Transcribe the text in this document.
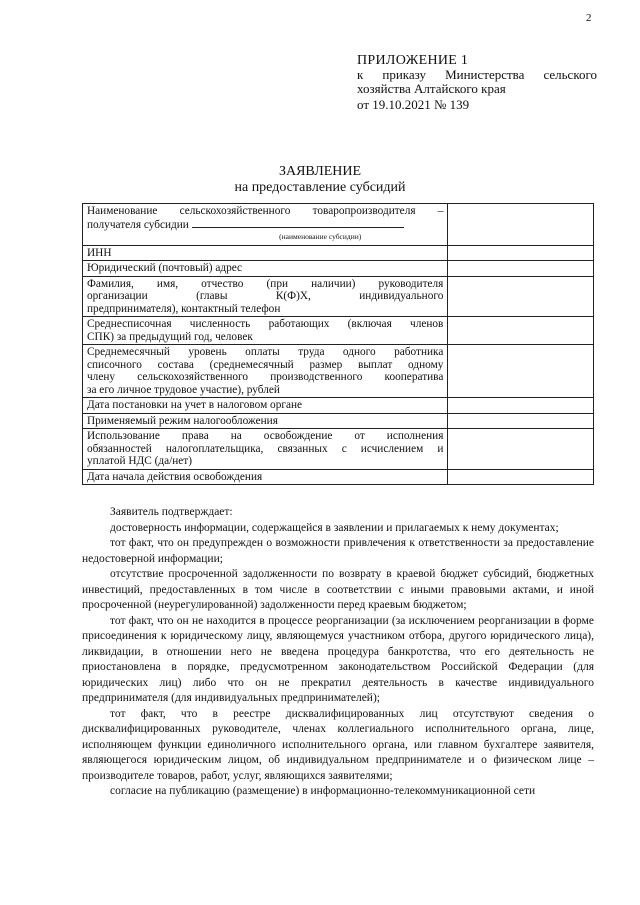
2
ПРИЛОЖЕНИЕ 1
к приказу Министерства сельского
хозяйства Алтайского края
от 19.10.2021 № 139
ЗАЯВЛЕНИЕ
на предоставление субсидий
Наименование сельскохозяйственного товаропроизводителя –
получателя субсидии
(наименование субсидии)	

ИНН	
Юридический (почтовый) адрес	

Фамилия, имя, отчество (при наличии) руководителя
организации (главы К(Ф)Х, индивидуального
предпринимателя), контактный телефон	

Среднесписочная численность работающих (включая членов
СПК) за предыдущий год, человек	

Среднемесячный уровень оплаты труда одного работника
списочного состава (среднемесячный размер выплат одному
члену сельскохозяйственного производственного кооператива
за его личное трудовое участие), рублей	

Дата постановки на учет в налоговом органе	
Применяемый режим налогообложения	

Использование права на освобождение от исполнения
обязанностей налогоплательщика, связанных с исчислением и
уплатой НДС (да/нет)	

Дата начала действия освобождения	

Заявитель подтверждает:

достоверность информации, содержащейся в заявлении и прилагаемых к нему документах;

тот факт, что он предупрежден о возможности привлечения к ответственности за предоставление недостоверной информации;

отсутствие просроченной задолженности по возврату в краевой бюджет субсидий, бюджетных инвестиций, предоставленных в том числе в соответствии с иными правовыми актами, и иной просроченной (неурегулированной) задолженности перед краевым бюджетом;

тот факт, что он не находится в процессе реорганизации (за исключением реорганизации в форме присоединения к юридическому лицу, являющемуся участником отбора, другого юридического лица), ликвидации, в отношении него не введена процедура банкротства, что его деятельность не приостановлена в порядке, предусмотренном законодательством Российской Федерации (для юридических лиц) либо что он не прекратил деятельность в качестве индивидуального предпринимателя (для индивидуальных предпринимателей);

тот факт, что в реестре дисквалифицированных лиц отсутствуют сведения о дисквалифицированных руководителе, членах коллегиального исполнительного органа, лице, исполняющем функции единоличного исполнительного органа, или главном бухгалтере заявителя, являющегося юридическим лицом, об индивидуальном предпринимателе и о физическом лице – производителе товаров, работ, услуг, являющихся заявителями;

согласие на публикацию (размещение) в информационно-телекоммуникационной сети
